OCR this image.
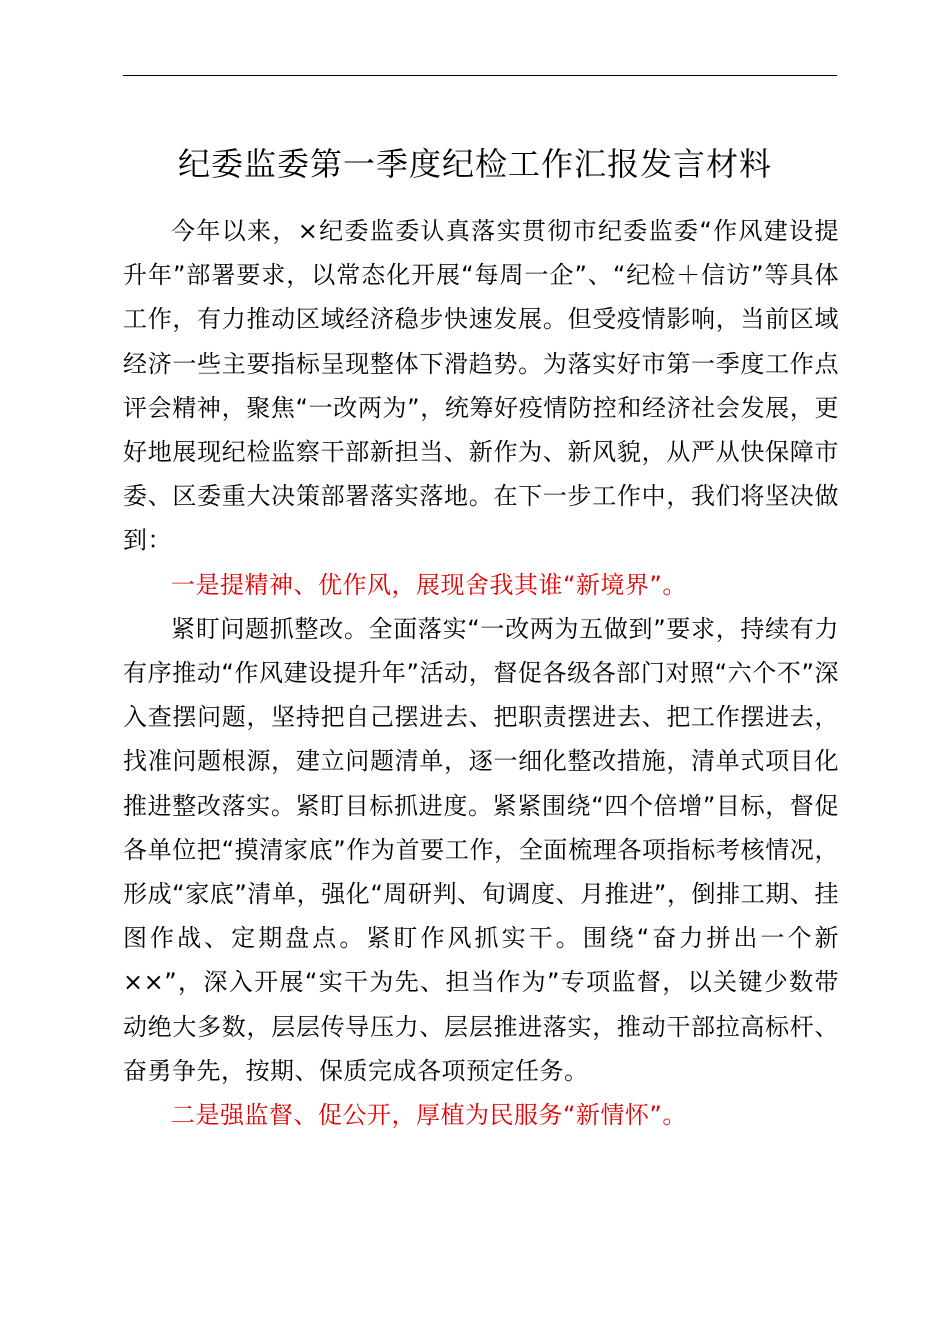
纪委监委第一季度纪检工作汇报发言材料

今年以来，×纪委监委认真落实贯彻市纪委监委“作风建设提升年”部署要求，以常态化开展“每周一企”、“纪检＋信访”等具体工作，有力推动区域经济稳步快速发展。但受疫情影响，当前区域经济一些主要指标呈现整体下滑趋势。为落实好市第一季度工作点评会精神，聚焦“一改两为”，统筹好疫情防控和经济社会发展，更好地展现纪检监察干部新担当、新作为、新风貌，从严从快保障市委、区委重大决策部署落实落地。在下一步工作中，我们将坚决做到：

一是提精神、优作风，展现舍我其谁“新境界”。

紧盯问题抓整改。全面落实“一改两为五做到”要求，持续有力有序推动“作风建设提升年”活动，督促各级各部门对照“六个不”深入查摆问题，坚持把自己摆进去、把职责摆进去、把工作摆进去，找准问题根源，建立问题清单，逐一细化整改措施，清单式项目化推进整改落实。紧盯目标抓进度。紧紧围绕“四个倍增”目标，督促各单位把“摸清家底”作为首要工作，全面梳理各项指标考核情况，形成“家底”清单，强化“周研判、旬调度、月推进”，倒排工期、挂图作战、定期盘点。紧盯作风抓实干。围绕“奋力拼出一个新××”，深入开展“实干为先、担当作为”专项监督，以关键少数带动绝大多数，层层传导压力、层层推进落实，推动干部拉高标杆、奋勇争先，按期、保质完成各项预定任务。

二是强监督、促公开，厚植为民服务“新情怀”。
